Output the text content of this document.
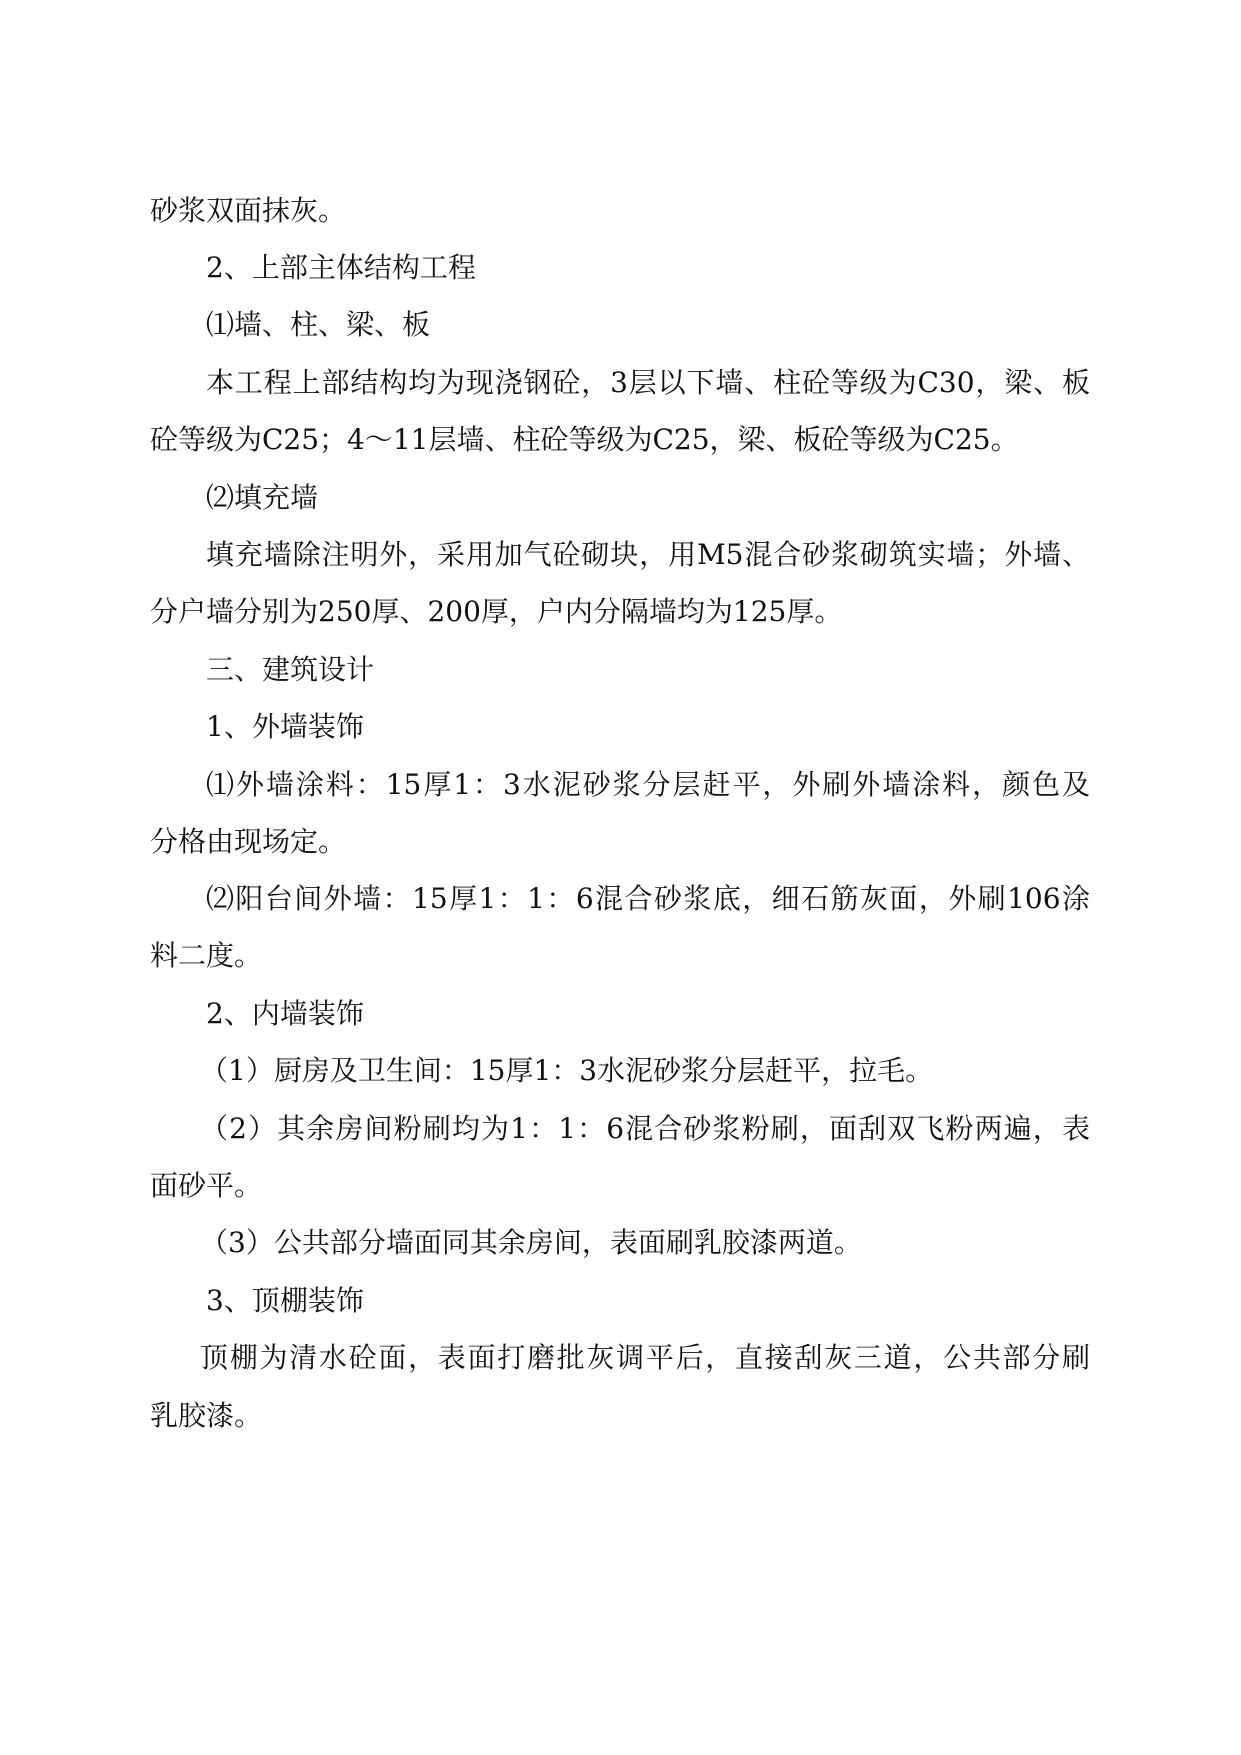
砂浆双面抹灰。
2、上部主体结构工程
⑴墙、柱、梁、板
本工程上部结构均为现浇钢砼，3层以下墙、柱砼等级为C30，梁、板
砼等级为C25；4～11层墙、柱砼等级为C25，梁、板砼等级为C25。
⑵填充墙
填充墙除注明外，采用加气砼砌块，用M5混合砂浆砌筑实墙；外墙、
分户墙分别为250厚、200厚，户内分隔墙均为125厚。
三、建筑设计
1、外墙装饰
⑴外墙涂料：15厚1：3水泥砂浆分层赶平，外刷外墙涂料，颜色及
分格由现场定。
⑵阳台间外墙：15厚1：1：6混合砂浆底，细石筋灰面，外刷106涂
料二度。
2、内墙装饰
（1）厨房及卫生间：15厚1：3水泥砂浆分层赶平，拉毛。
（2）其余房间粉刷均为1：1：6混合砂浆粉刷，面刮双飞粉两遍，表
面砂平。
（3）公共部分墙面同其余房间，表面刷乳胶漆两道。
3、顶棚装饰
顶棚为清水砼面，表面打磨批灰调平后，直接刮灰三道，公共部分刷
乳胶漆。
